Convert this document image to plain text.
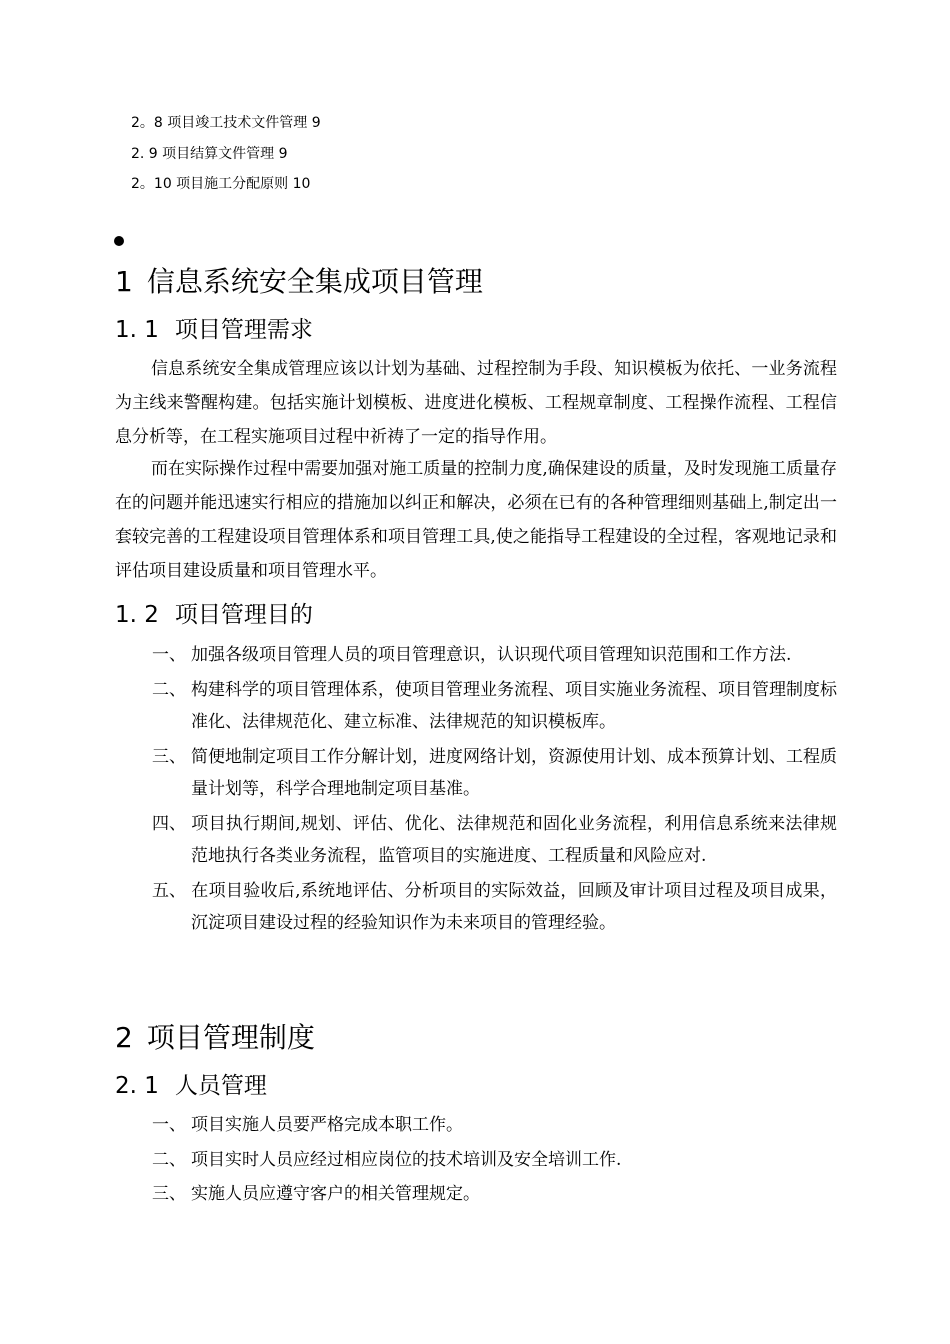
2。8 项目竣工技术文件管理 9
2. 9 项目结算文件管理 9
2。10 项目施工分配原则 10
1 信息系统安全集成项目管理
1. 1 项目管理需求
信息系统安全集成管理应该以计划为基础、过程控制为手段、知识模板为依托、一业务流程为主线来警醒构建。包括实施计划模板、进度进化模板、工程规章制度、工程操作流程、工程信息分析等，在工程实施项目过程中祈祷了一定的指导作用。
而在实际操作过程中需要加强对施工质量的控制力度,确保建设的质量，及时发现施工质量存在的问题并能迅速实行相应的措施加以纠正和解决，必须在已有的各种管理细则基础上,制定出一套较完善的工程建设项目管理体系和项目管理工具,使之能指导工程建设的全过程，客观地记录和评估项目建设质量和项目管理水平。
1. 2 项目管理目的
一、 加强各级项目管理人员的项目管理意识，认识现代项目管理知识范围和工作方法.
二、 构建科学的项目管理体系，使项目管理业务流程、项目实施业务流程、项目管理制度标准化、法律规范化、建立标准、法律规范的知识模板库。
三、 简便地制定项目工作分解计划，进度网络计划，资源使用计划、成本预算计划、工程质量计划等，科学合理地制定项目基准。
四、 项目执行期间,规划、评估、优化、法律规范和固化业务流程，利用信息系统来法律规范地执行各类业务流程，监管项目的实施进度、工程质量和风险应对.
五、 在项目验收后,系统地评估、分析项目的实际效益，回顾及审计项目过程及项目成果，沉淀项目建设过程的经验知识作为未来项目的管理经验。
2 项目管理制度
2. 1 人员管理
一、 项目实施人员要严格完成本职工作。
二、 项目实时人员应经过相应岗位的技术培训及安全培训工作.
三、 实施人员应遵守客户的相关管理规定。
